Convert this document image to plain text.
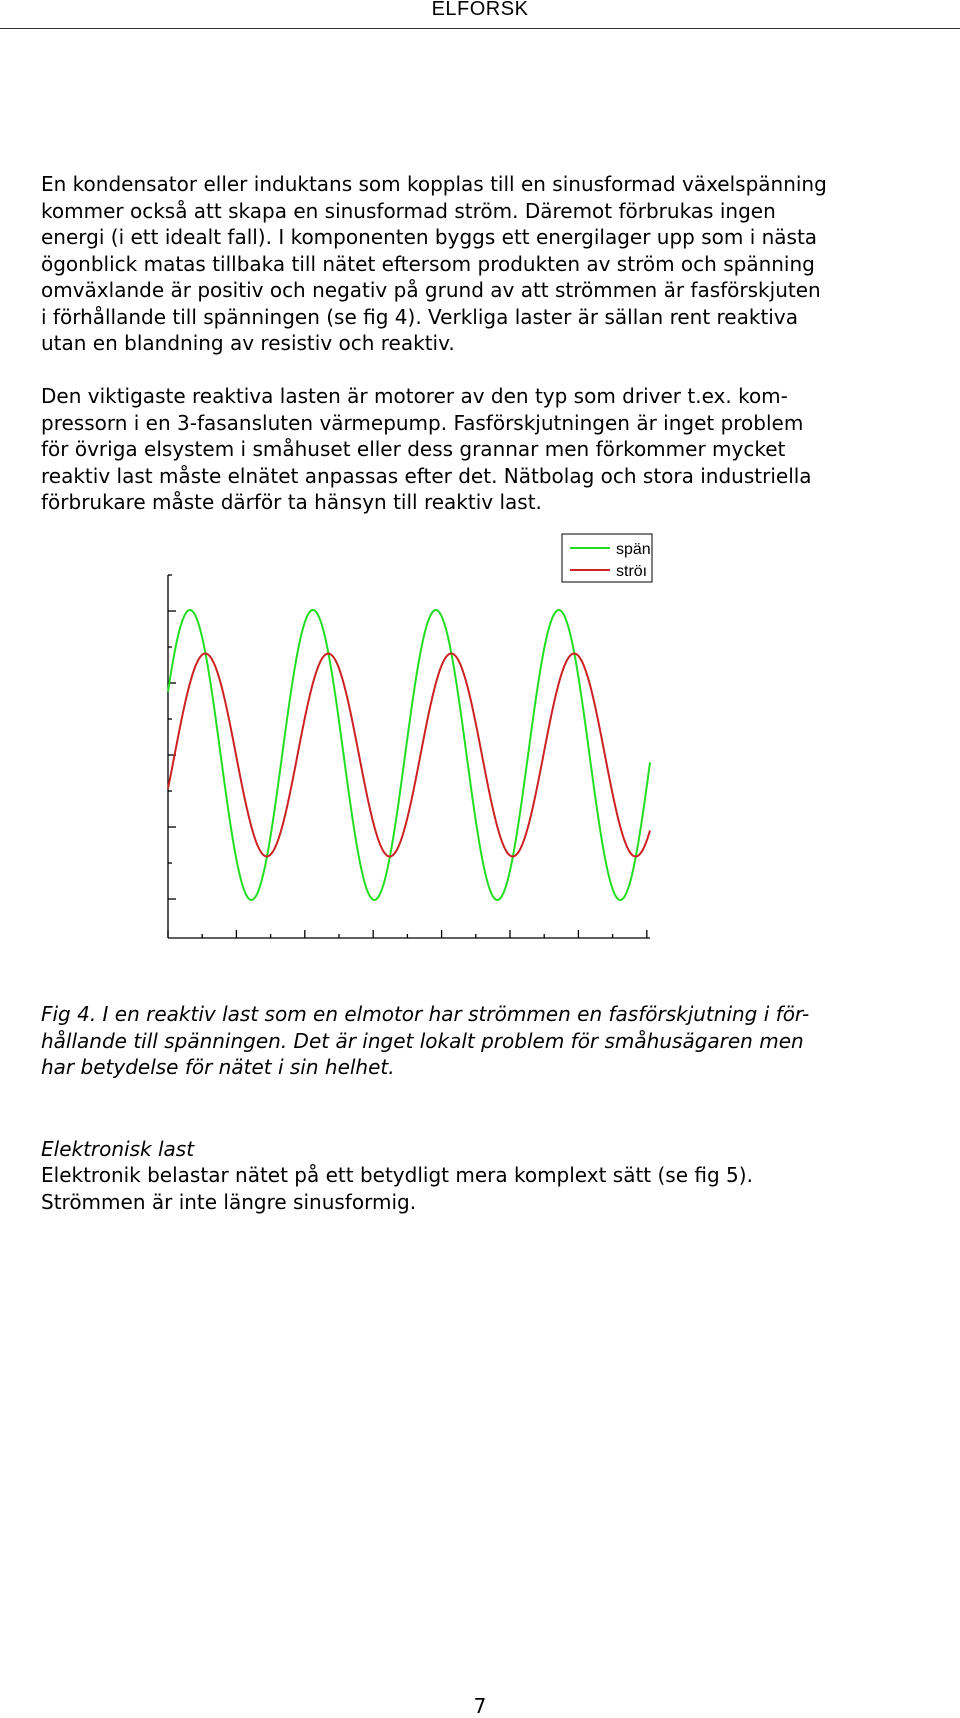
ELFORSK
En kondensator eller induktans som kopplas till en sinusformad växelspänning
kommer också att skapa en sinusformad ström. Däremot förbrukas ingen
energi (i ett idealt fall). I komponenten byggs ett energilager upp som i nästa
ögonblick matas tillbaka till nätet eftersom produkten av ström och spänning
omväxlande är positiv och negativ på grund av att strömmen är fasförskjuten
i förhållande till spänningen (se fig 4). Verkliga laster är sällan rent reaktiva
utan en blandning av resistiv och reaktiv.
Den viktigaste reaktiva lasten är motorer av den typ som driver t.ex. kom-
pressorn i en 3-fasansluten värmepump. Fasförskjutningen är inget problem
för övriga elsystem i småhuset eller dess grannar men förkommer mycket
reaktiv last måste elnätet anpassas efter det. Nätbolag och stora industriella
förbrukare måste därför ta hänsyn till reaktiv last.
spän
ströı
Fig 4. I en reaktiv last som en elmotor har strömmen en fasförskjutning i för-
hållande till spänningen. Det är inget lokalt problem för småhusägaren men
har betydelse för nätet i sin helhet.
Elektronisk last
Elektronik belastar nätet på ett betydligt mera komplext sätt (se fig 5).
Strömmen är inte längre sinusformig.
7
